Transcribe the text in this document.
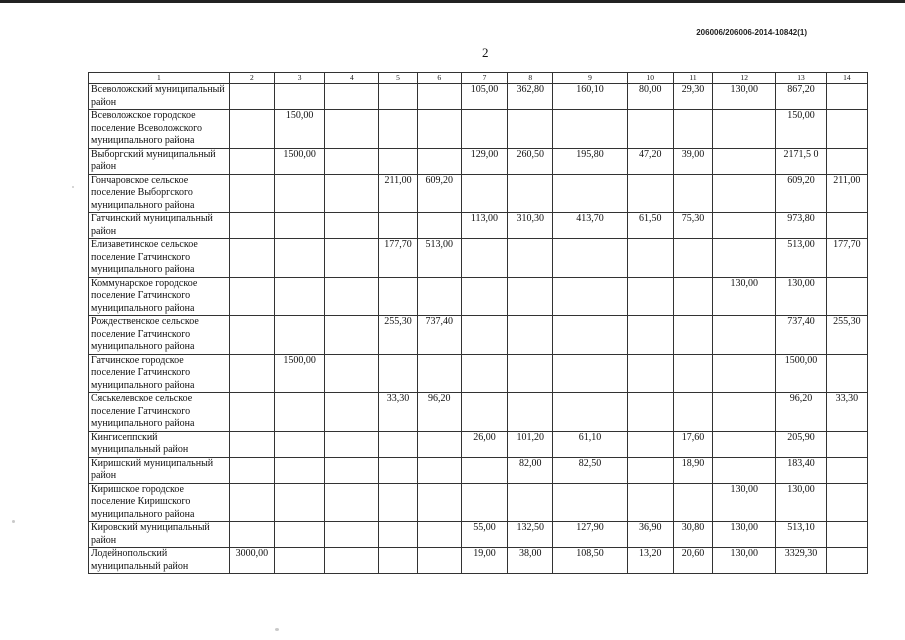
206006/206006-2014-10842(1)
2
1	2	3	4	5	6	7	8	9	10	11	12	13	14
Всеволожский муниципальный район						105,00	362,80	160,10	80,00	29,30	130,00	867,20	
Всеволожское городское поселение Всеволожского муниципального района		150,00										150,00	
Выборгский муниципальный район		1500,00				129,00	260,50	195,80	47,20	39,00		2171,5 0	
Гончаровское сельское поселение Выборгского муниципального района				211,00	609,20							609,20	211,00
Гатчинский муниципальный район						113,00	310,30	413,70	61,50	75,30		973,80	
Елизаветинское сельское поселение Гатчинского муниципального района				177,70	513,00							513,00	177,70
Коммунарское городское поселение Гатчинского муниципального района											130,00	130,00	
Рождественское сельское поселение Гатчинского муниципального района				255,30	737,40							737,40	255,30
Гатчинское городское поселение Гатчинского муниципального района		1500,00										1500,00	
Сяськелевское сельское поселение Гатчинского муниципального района				33,30	96,20							96,20	33,30
Кингисеппский муниципальный район						26,00	101,20	61,10		17,60		205,90	
Киришский муниципальный район							82,00	82,50		18,90		183,40	
Киришское городское поселение Киришского муниципального района											130,00	130,00	
Кировский муниципальный район						55,00	132,50	127,90	36,90	30,80	130,00	513,10	
Лодейнопольский муниципальный район	3000,00					19,00	38,00	108,50	13,20	20,60	130,00	3329,30	
